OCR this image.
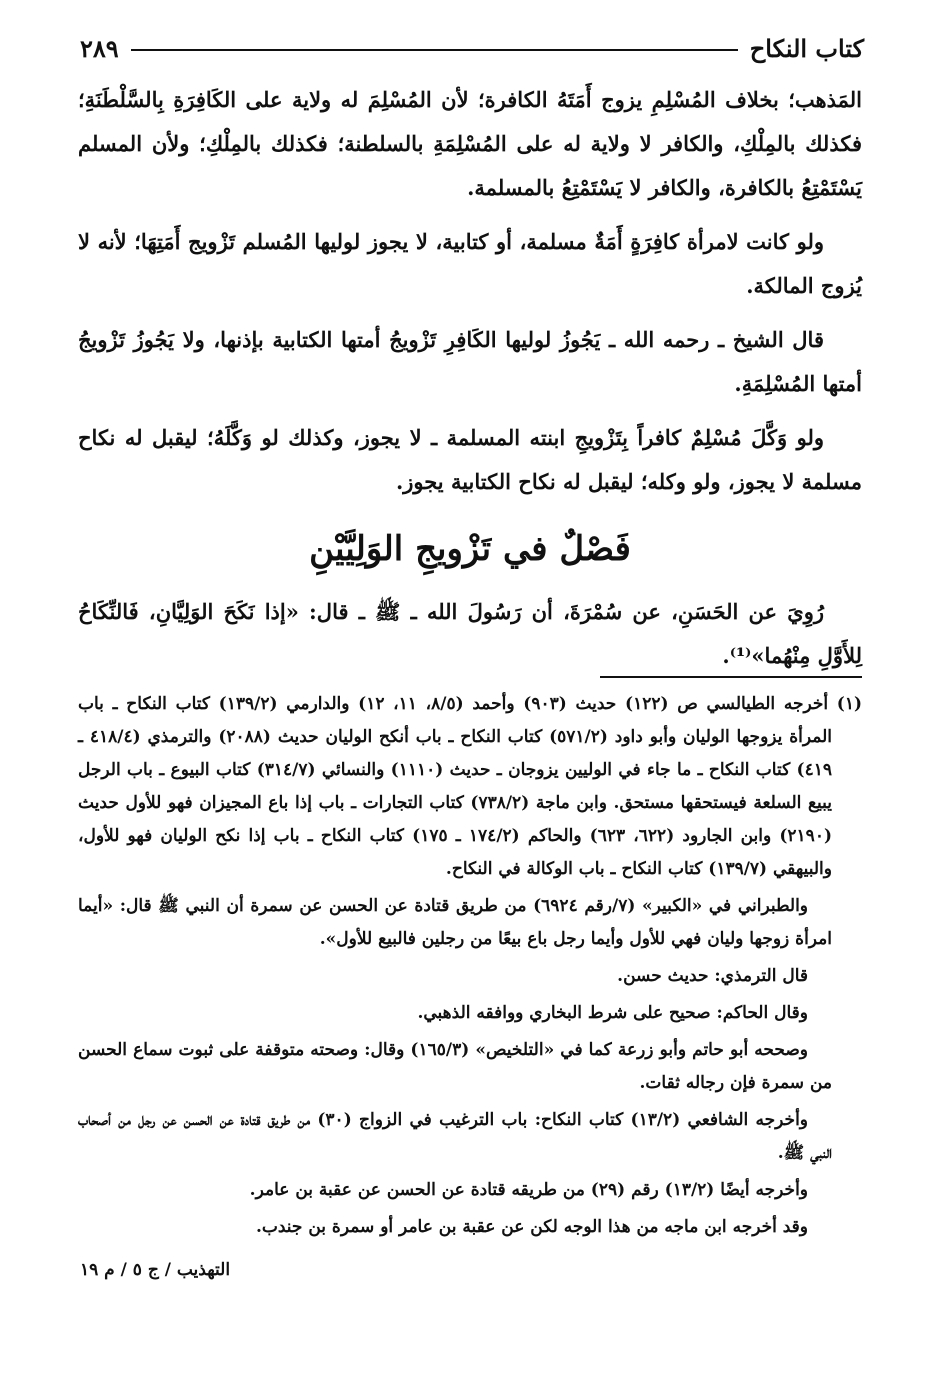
كتاب النكاح
٢٨٩

المَذهب؛ بخلاف المُسْلِمِ يزوج أَمَتَهُ الكافرة؛ لأن المُسْلِمَ له ولاية على الكَافِرَةِ بِالسَّلْطَنَةِ؛ فكذلك بالمِلْكِ، والكافر لا ولاية له على المُسْلِمَةِ بالسلطنة؛ فكذلك بالمِلْكِ؛ ولأن المسلم يَسْتَمْتِعُ بالكافرة، والكافر لا يَسْتَمْتِعُ بالمسلمة.

ولو كانت لامرأة كافِرَةٍ أَمَةٌ مسلمة، أو كتابية، لا يجوز لوليها المُسلم تَزْويج أَمَتِهَا؛ لأنه لا يُزوج المالكة.

قال الشيخ ـ رحمه الله ـ يَجُوزُ لوليها الكَافِرِ تَزْويجُ أمتها الكتابية بإذنها، ولا يَجُوزُ تَزْويجُ أمتها المُسْلِمَةِ.

ولو وَكَّلَ مُسْلِمٌ كافراً بِتَزْويجِ ابنته المسلمة ـ لا يجوز، وكذلك لو وَكَّلَهُ؛ ليقبل له نكاح مسلمة لا يجوز، ولو وكله؛ ليقبل له نكاح الكتابية يجوز.

فَصْلٌ في تَزْويجِ الوَلِيَّيْنِ

رُوِيَ عن الحَسَنِ، عن سُمْرَةَ، أن رَسُولَ الله ـ ﷺ ـ قال: «إذا نَكَحَ الوَلِيَّانِ، فَالنِّكَاحُ لِلأَوَّلِ مِنْهُما»⁽¹⁾.

(١) أخرجه الطيالسي ص (١٢٢) حديث (٩٠٣) وأحمد (٨/٥، ١١، ١٢) والدارمي (١٣٩/٢) كتاب النكاح ـ باب المرأة يزوجها الوليان وأبو داود (٥٧١/٢) كتاب النكاح ـ باب أنكح الوليان حديث (٢٠٨٨) والترمذي (٤١٨/٤ ـ ٤١٩) كتاب النكاح ـ ما جاء في الوليين يزوجان ـ حديث (١١١٠) والنسائي (٣١٤/٧) كتاب البيوع ـ باب الرجل يبيع السلعة فيستحقها مستحق. وابن ماجة (٧٣٨/٢) كتاب التجارات ـ باب إذا باع المجيزان فهو للأول حديث (٢١٩٠) وابن الجارود (٦٢٢، ٦٢٣) والحاكم (١٧٤/٢ ـ ١٧٥) كتاب النكاح ـ باب إذا نكح الوليان فهو للأول، والبيهقي (١٣٩/٧) كتاب النكاح ـ باب الوكالة في النكاح.

والطبراني في «الكبير» (٧/رقم ٦٩٢٤) من طريق قتادة عن الحسن عن سمرة أن النبي ﷺ قال: «أيما امرأة زوجها وليان فهي للأول وأيما رجل باع بيعًا من رجلين فالبيع للأول».

قال الترمذي: حديث حسن.

وقال الحاكم: صحيح على شرط البخاري ووافقه الذهبي.

وصححه أبو حاتم وأبو زرعة كما في «التلخيص» (١٦٥/٣) وقال: وصحته متوقفة على ثبوت سماع الحسن من سمرة فإن رجاله ثقات.

وأخرجه الشافعي (١٣/٢) كتاب النكاح: باب الترغيب في الزواج (٣٠) من طريق قتادة عن الحسن عن رجل من أصحاب النبي ﷺ.

وأخرجه أيضًا (١٣/٢) رقم (٢٩) من طريقه قتادة عن الحسن عن عقبة بن عامر.

وقد أخرجه ابن ماجه من هذا الوجه لكن عن عقبة بن عامر أو سمرة بن جندب.

التهذيب / ج ٥ / م ١٩
